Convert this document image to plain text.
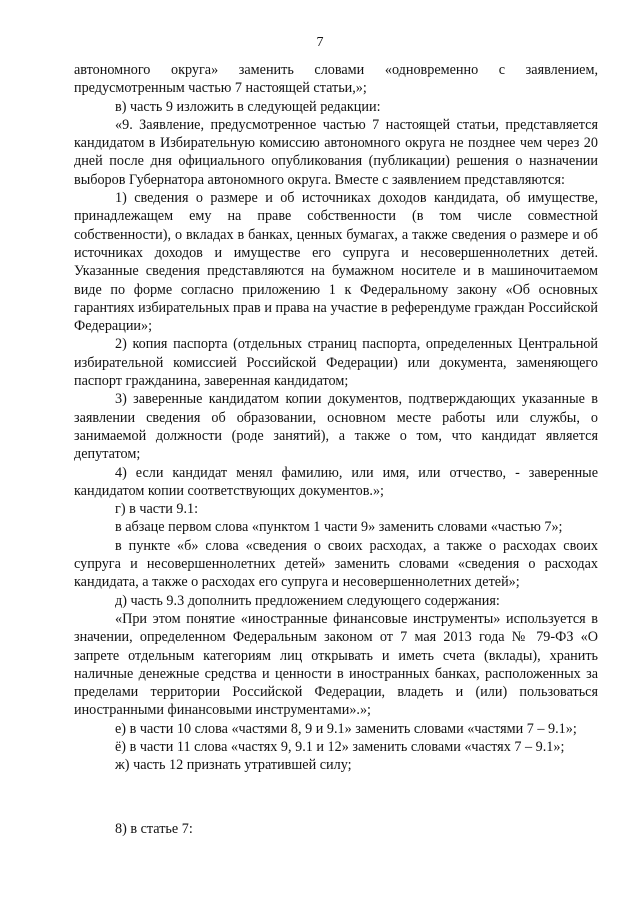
7

автономного округа» заменить словами «одновременно с заявлением, предусмотренным частью 7 настоящей статьи,»;

в) часть 9 изложить в следующей редакции:

«9. Заявление, предусмотренное частью 7 настоящей статьи, представляется кандидатом в Избирательную комиссию автономного округа не позднее чем через 20 дней после дня официального опубликования (публикации) решения о назначении выборов Губернатора автономного округа. Вместе с заявлением представляются:

1) сведения о размере и об источниках доходов кандидата, об имуществе, принадлежащем ему на праве собственности (в том числе совместной собственности), о вкладах в банках, ценных бумагах, а также сведения о размере и об источниках доходов и имуществе его супруга и несовершеннолетних детей. Указанные сведения представляются на бумажном носителе и в машиночитаемом виде по форме согласно приложению 1 к Федеральному закону «Об основных гарантиях избирательных прав и права на участие в референдуме граждан Российской Федерации»;

2) копия паспорта (отдельных страниц паспорта, определенных Центральной избирательной комиссией Российской Федерации) или документа, заменяющего паспорт гражданина, заверенная кандидатом;

3) заверенные кандидатом копии документов, подтверждающих указанные в заявлении сведения об образовании, основном месте работы или службы, о занимаемой должности (роде занятий), а также о том, что кандидат является депутатом;

4) если кандидат менял фамилию, или имя, или отчество, - заверенные кандидатом копии соответствующих документов.»;

г) в части 9.1:

в абзаце первом слова «пунктом 1 части 9» заменить словами «частью 7»;

в пункте «б» слова «сведения о своих расходах, а также о расходах своих супруга и несовершеннолетних детей» заменить словами «сведения о расходах кандидата, а также о расходах его супруга и несовершеннолетних детей»;

д) часть 9.3 дополнить предложением следующего содержания:

«При этом понятие «иностранные финансовые инструменты» используется в значении, определенном Федеральным законом от 7 мая 2013 года № 79-ФЗ «О запрете отдельным категориям лиц открывать и иметь счета (вклады), хранить наличные денежные средства и ценности в иностранных банках, расположенных за пределами территории Российской Федерации, владеть и (или) пользоваться иностранными финансовыми инструментами».»;

е) в части 10 слова «частями 8, 9 и 9.1» заменить словами «частями 7 – 9.1»;

ё) в части 11 слова «частях 9, 9.1 и 12» заменить словами «частях 7 – 9.1»;

ж) часть 12 признать утратившей силу;

8) в статье 7:
